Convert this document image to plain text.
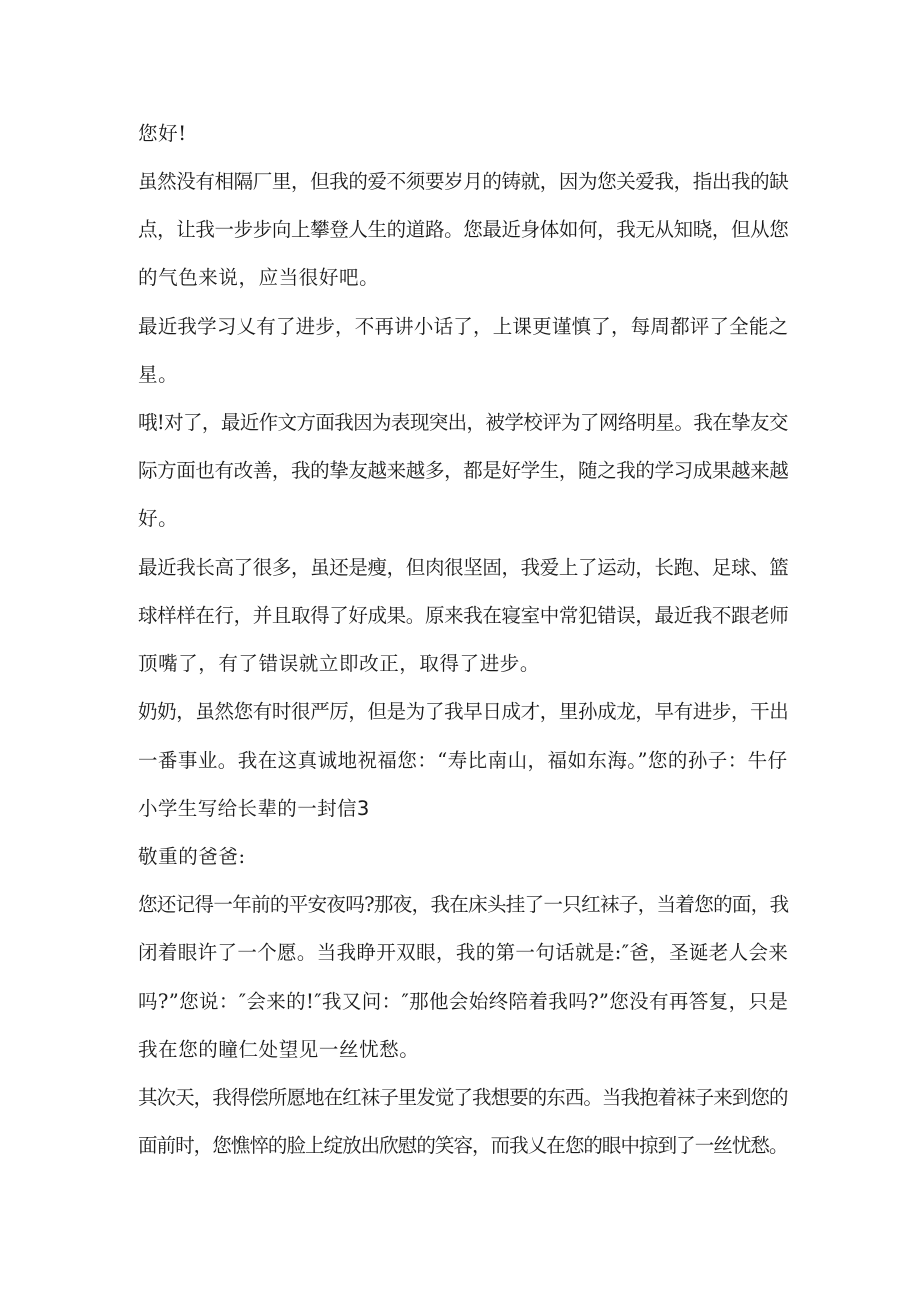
您好!

虽然没有相隔厂里，但我的爱不须要岁月的铸就，因为您关爱我，指出我的缺

点，让我一步步向上攀登人生的道路。您最近身体如何，我无从知晓，但从您

的气色来说，应当很好吧。

最近我学习乂有了进步，不再讲小话了，上课更谨慎了，每周都评了全能之

星。

哦!对了，最近作文方面我因为表现突出，被学校评为了网络明星。我在挚友交

际方面也有改善，我的挚友越来越多，都是好学生，随之我的学习成果越来越

好。

最近我长高了很多，虽还是瘦，但肉很坚固，我爱上了运动，长跑、足球、篮

球样样在行，并且取得了好成果。原来我在寝室中常犯错误，最近我不跟老师

顶嘴了，有了错误就立即改正，取得了进步。

奶奶，虽然您有时很严厉，但是为了我早日成才，里孙成龙，早有进步，干出

一番事业。我在这真诚地祝福您：“寿比南山，福如东海。”您的孙子：牛仔

小学生写给长辈的一封信3

敬重的爸爸:

您还记得一年前的平安夜吗?那夜，我在床头挂了一只红袜子，当着您的面，我

闭着眼许了一个愿。当我睁开双眼，我的第一句话就是:″爸，圣诞老人会来

吗?”您说：″会来的!″我又问：″那他会始终陪着我吗?”您没有再答复，只是

我在您的瞳仁处望见一丝忧愁。

其次天，我得偿所愿地在红袜子里发觉了我想要的东西。当我抱着袜子来到您的

面前时，您憔悴的脸上绽放出欣慰的笑容，而我乂在您的眼中掠到了一丝忧愁。
